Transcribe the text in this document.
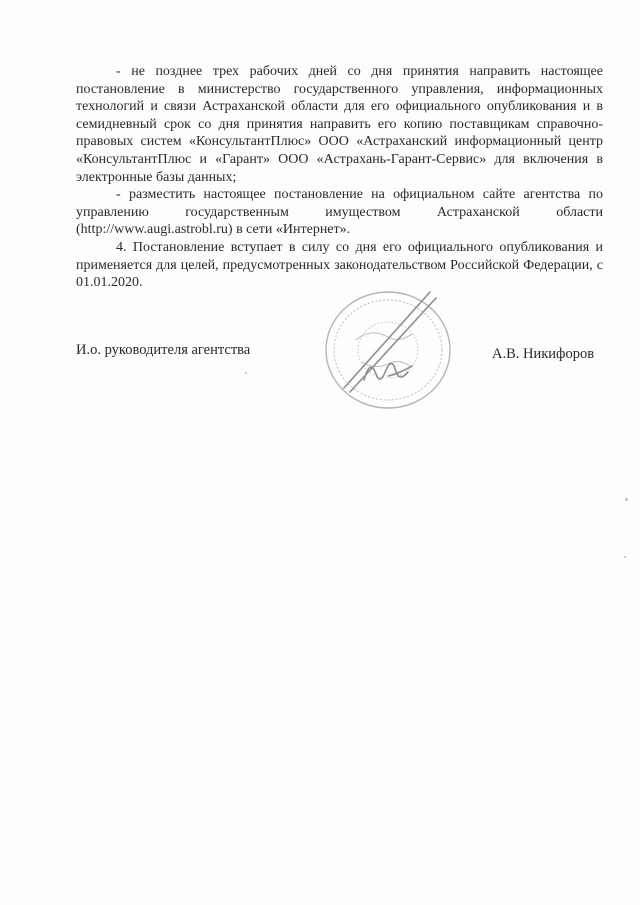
- не позднее трех рабочих дней со дня принятия направить настоящее постановление в министерство государственного управления, информационных технологий и связи Астраханской области для его официального опубликования и в семидневный срок со дня принятия направить его копию поставщикам справочно-правовых систем «КонсультантПлюс» ООО «Астраханский информационный центр «КонсультантПлюс и «Гарант» ООО «Астрахань-Гарант-Сервис» для включения в электронные базы данных;

- разместить настоящее постановление на официальном сайте агентства по управлению государственным имуществом Астраханской области (http://www.augi.astrobl.ru) в сети «Интернет».

4. Постановление вступает в силу со дня его официального опубликования и применяется для целей, предусмотренных законодательством Российской Федерации, с 01.01.2020.

И.о. руководителя агентства	А.В. Никифоров
